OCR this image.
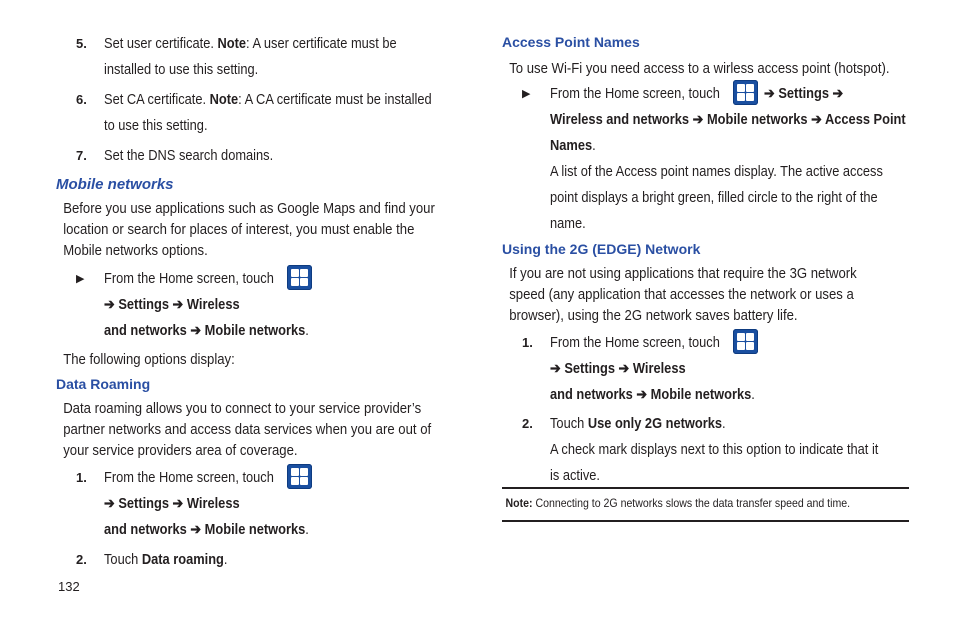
5. Set user certificate. Note: A user certificate must be
installed to use this setting.
6. Set CA certificate. Note: A CA certificate must be installed
to use this setting.
7. Set the DNS search domains.
Mobile networks
Before you use applications such as Google Maps and find your
location or search for places of interest, you must enable the
Mobile networks options.
▶ From the Home screen, touch
➔ Settings ➔ Wireless
and networks ➔ Mobile networks.
The following options display:
Data Roaming
Data roaming allows you to connect to your service provider’s
partner networks and access data services when you are out of
your service providers area of coverage.
1. From the Home screen, touch
➔ Settings ➔ Wireless
and networks ➔ Mobile networks.
2. Touch Data roaming.
Access Point Names
To use Wi-Fi you need access to a wirless access point (hotspot).
▶ From the Home screen, touch	➔ Settings ➔
Wireless and networks ➔ Mobile networks ➔ Access Point
Names.
A list of the Access point names display. The active access
point displays a bright green, filled circle to the right of the
name.
Using the 2G (EDGE) Network
If you are not using applications that require the 3G network
speed (any application that accesses the network or uses a
browser), using the 2G network saves battery life.
1. From the Home screen, touch
➔ Settings ➔ Wireless
and networks ➔ Mobile networks.
2. Touch Use only 2G networks.
A check mark displays next to this option to indicate that it
is active.
Note: Connecting to 2G networks slows the data transfer speed and time.
132
